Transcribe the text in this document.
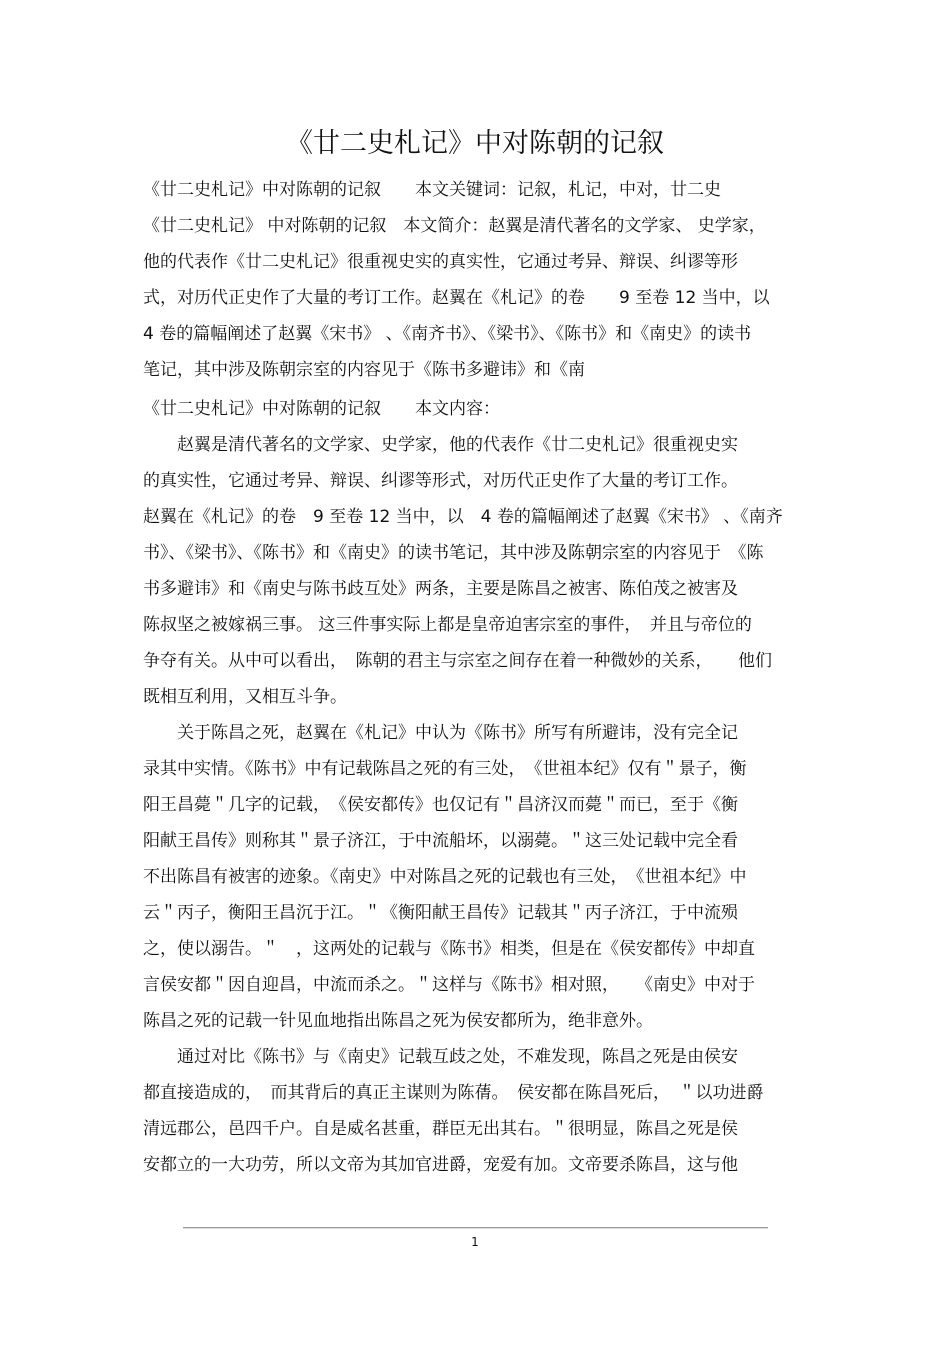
《廿二史札记》中对陈朝的记叙
《廿二史札记》中对陈朝的记叙　　本文关键词：记叙，札记，中对，廿二史
《廿二史札记》 中对陈朝的记叙　本文简介：赵翼是清代著名的文学家、 史学家，
他的代表作《廿二史札记》很重视史实的真实性，它通过考异、辩误、纠谬等形
式，对历代正史作了大量的考订工作。赵翼在《札记》的卷　　9 至卷 12 当中，以
4 卷的篇幅阐述了赵翼《宋书》 、《南齐书》、《梁书》、《陈书》和《南史》的读书
笔记，其中涉及陈朝宗室的内容见于《陈书多避讳》和《南
《廿二史札记》中对陈朝的记叙　　本文内容：
　　赵翼是清代著名的文学家、史学家，他的代表作《廿二史札记》很重视史实
的真实性，它通过考异、辩误、纠谬等形式，对历代正史作了大量的考订工作。
赵翼在《札记》的卷　9 至卷 12 当中，以　4 卷的篇幅阐述了赵翼《宋书》 、《南齐
书》、《梁书》、《陈书》和《南史》的读书笔记，其中涉及陈朝宗室的内容见于　《陈
书多避讳》和《南史与陈书歧互处》两条，主要是陈昌之被害、陈伯茂之被害及
陈叔坚之被嫁祸三事。 这三件事实际上都是皇帝迫害宗室的事件，　并且与帝位的
争夺有关。从中可以看出，　陈朝的君主与宗室之间存在着一种微妙的关系，　　他们
既相互利用，又相互斗争。
　　关于陈昌之死，赵翼在《札记》中认为《陈书》所写有所避讳，没有完全记
录其中实情。《陈书》中有记载陈昌之死的有三处，　《世祖本纪》仅有＂景子，衡
阳王昌薨＂几字的记载，　《侯安都传》也仅记有＂昌济汉而薨＂而已，至于《衡
阳献王昌传》则称其＂景子济江，于中流船坏，以溺薨。＂这三处记载中完全看
不出陈昌有被害的迹象。《南史》中对陈昌之死的记载也有三处，　《世祖本纪》中
云＂丙子，衡阳王昌沉于江。＂《衡阳献王昌传》记载其＂丙子济江，于中流殒
之，使以溺告。＂　，这两处的记载与《陈书》相类，但是在《侯安都传》中却直
言侯安都＂因自迎昌，中流而杀之。＂这样与《陈书》相对照，　　《南史》中对于
陈昌之死的记载一针见血地指出陈昌之死为侯安都所为，绝非意外。
　　通过对比《陈书》与《南史》记载互歧之处，不难发现，陈昌之死是由侯安
都直接造成的，　而其背后的真正主谋则为陈蒨。　侯安都在陈昌死后，　＂以功进爵
清远郡公，邑四千户。自是威名甚重，群臣无出其右。＂很明显，陈昌之死是侯
安都立的一大功劳，所以文帝为其加官进爵，宠爱有加。文帝要杀陈昌，这与他
1
